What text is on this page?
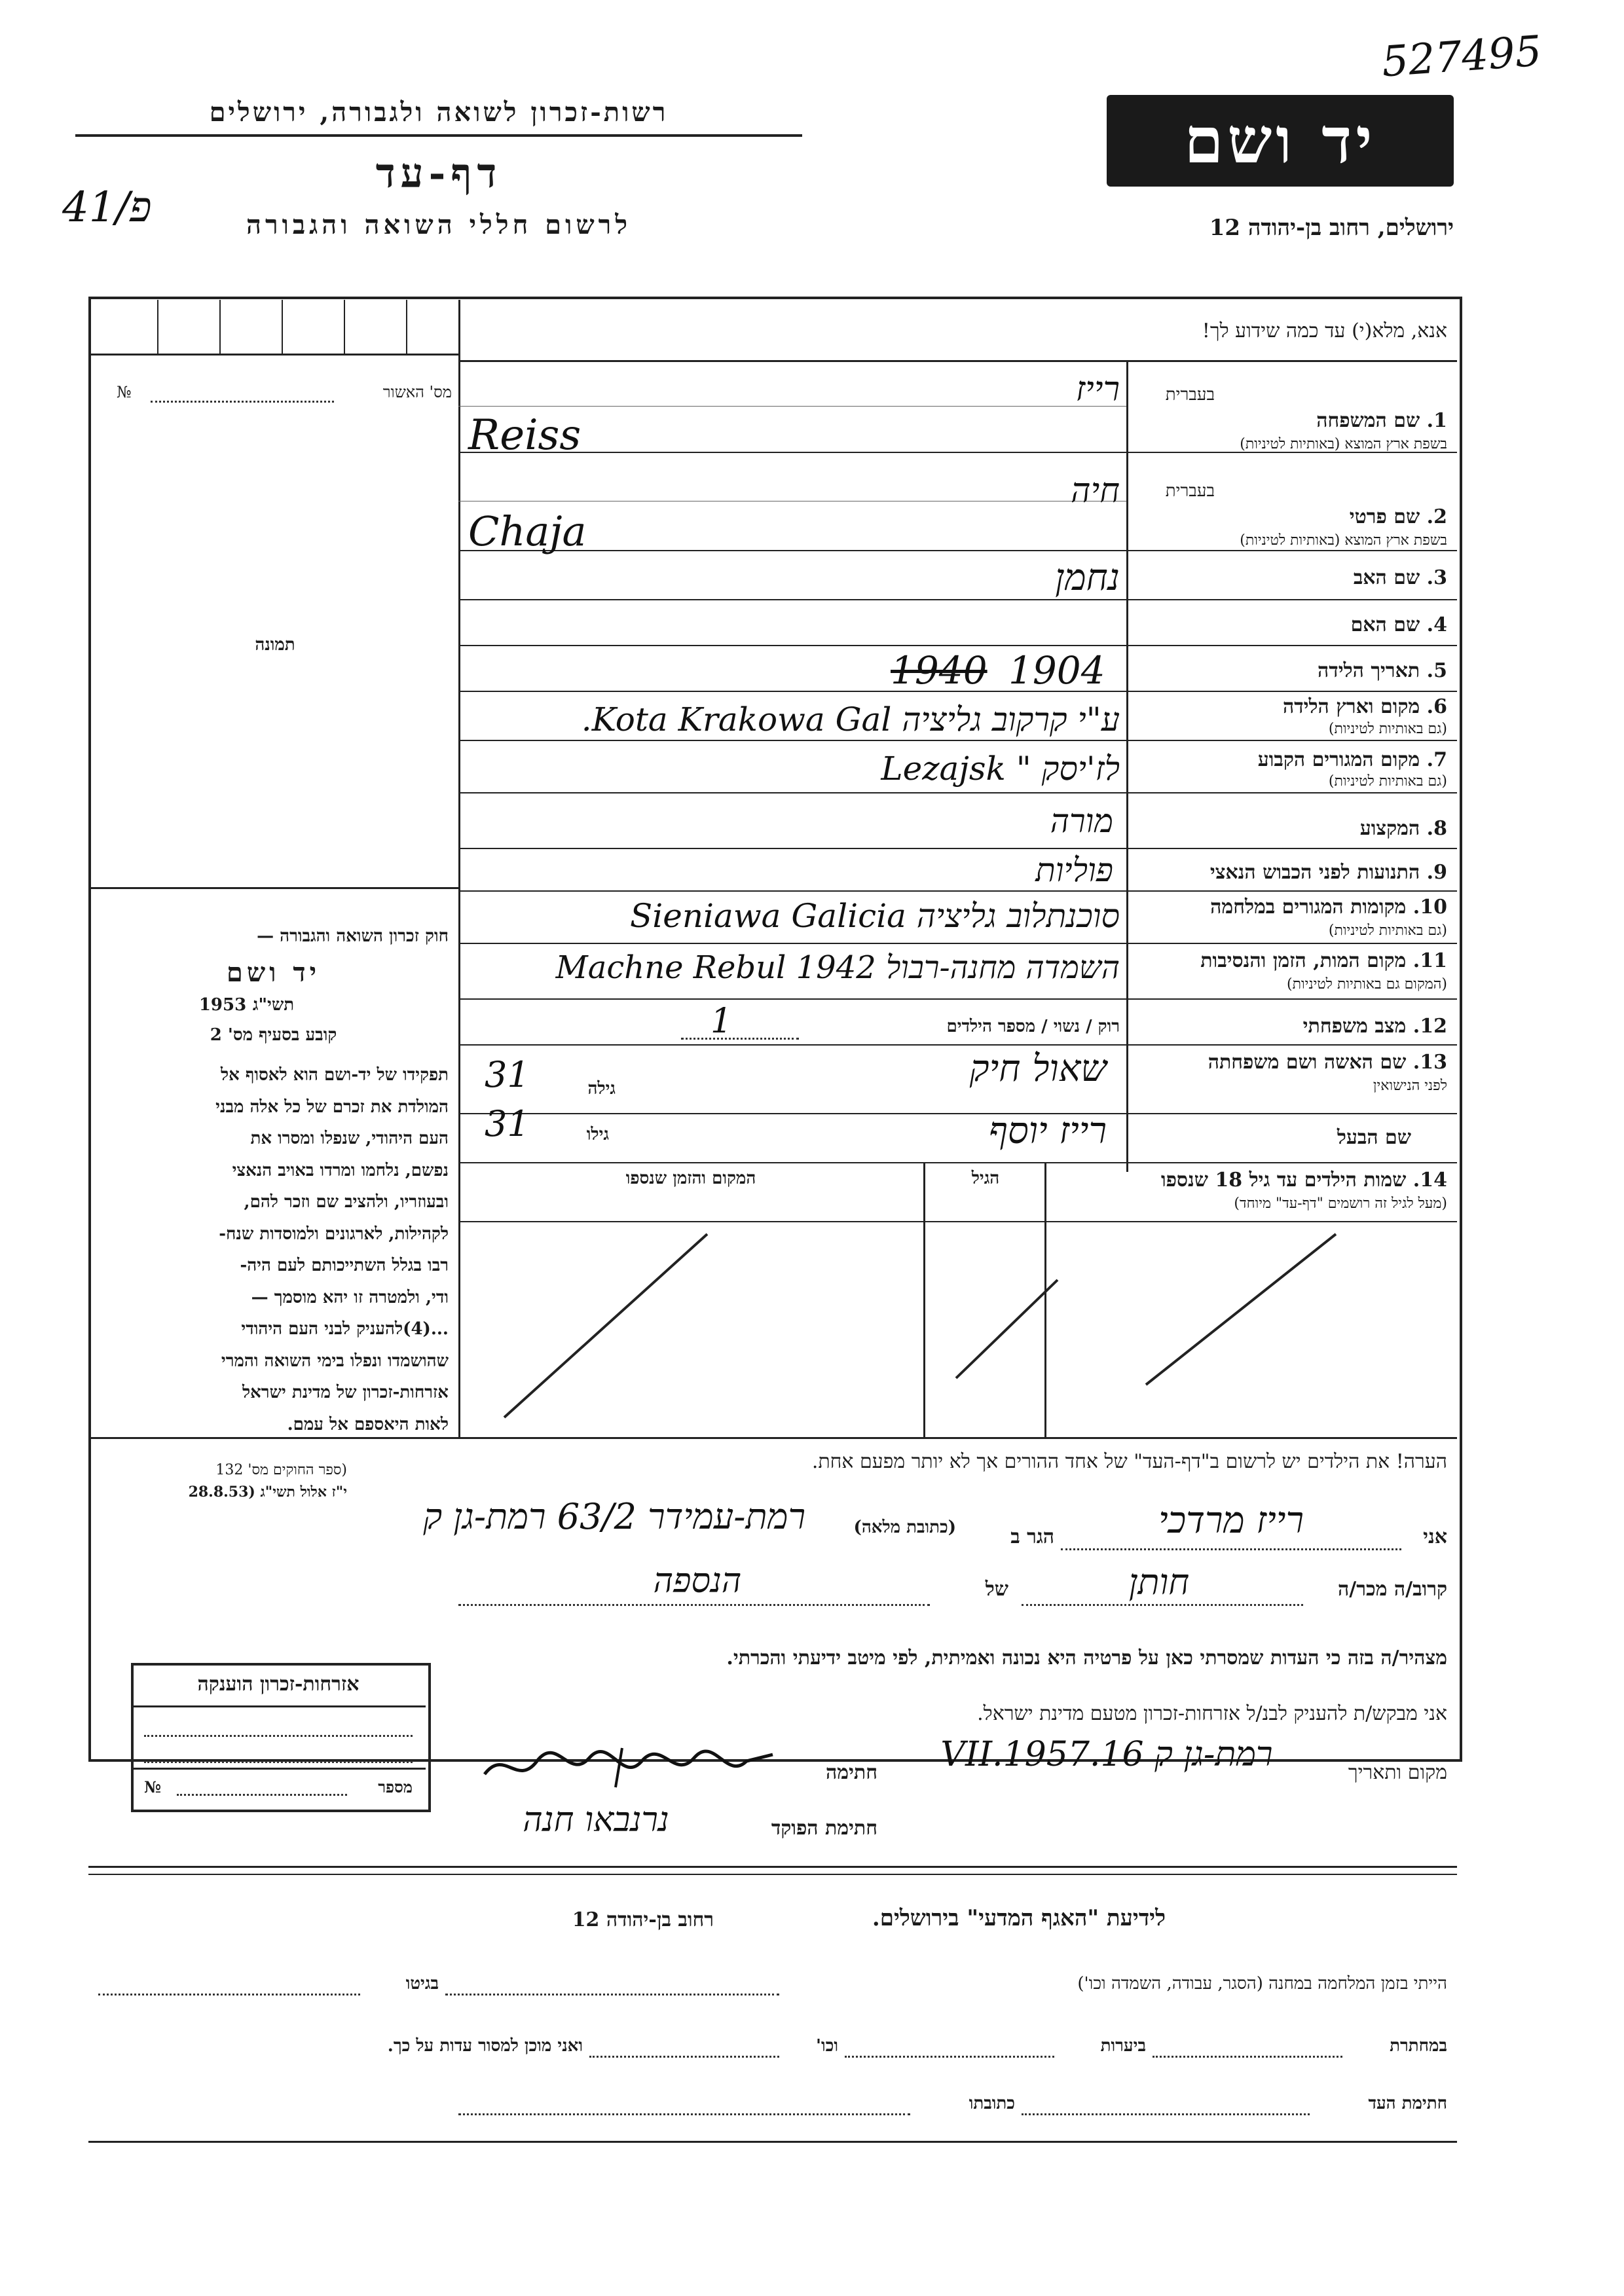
527495
רשות-זכרון לשואה ולגבורה, ירושלים
דף-עד
41/פ	לרשום חללי השואה והגבורה
יד ושם
ירושלים, רחוב בן-יהודה 12
אנא, מלא(י) עד כמה שידוע לך!
מס' האשור
№
תמונה
חוק זכרון השואה והגבורה —
יד ושם
תשי"ג
1953
קובע בסעיף מס' 2
תפקידו של יד-ושם הוא לאסוף אל
המולדת את זכרם של כל אלה מבני
העם היהודי, שנפלו ומסרו את
נפשם, נלחמו ומרדו באויב הנאצי
ובעוזריו, ולהציב שם וזכר להם,
לקהילות, לארגונים ולמוסדות שנח-
רבו בגלל השתייכותם לעם היה-
ודי, ולמטרה זו יהא מוסמך —
...(4)להעניק לבני העם היהודי
שהושמדו ונפלו בימי השואה והמרי
אזרחות-זכרון של מדינת ישראל
לאות היאספם אל עמם.
(ספר החוקים מס' 132
י"ז אלול תשי"ג (28.8.53
בעברית
1. שם המשפחה
בשפת ארץ המוצא (באותיות לטיניות)
רייז
Reiss
בעברית
2. שם פרטי
בשפת ארץ המוצא (באותיות לטיניות)
חיה
Chaja
3. שם האב
נחמן
4. שם האם
5. תאריך הלידה
1904
1940
6. מקום וארץ הלידה
(גם באותיות לטיניות)
ע"י קרקוב גליציה Kota Krakowa Gal.
7. מקום המגורים הקבוע
(גם באותיות לטיניות)
לז'יסק " Lezajsk
8. המקצוע
מורה
9. התנועות לפני הכבוש הנאצי
פוליות
10. מקומות המגורים במלחמה
(גם באותיות לטיניות)
סוכנתלוב גליציה Sieniawa Galicia
11. מקום המות, הזמן והנסיבות
(המקום גם באותיות לטיניות)
השמדה מחנה-רבול 1942 Machne Rebul
12. מצב משפחתי
רוק / נשוי / מספר הילדים
1
13. שם האשה ושם משפחתה
לפני הנישואין
שאול חיק
גילה
31
שם הבעל
רייז יוסף
גילו
31
14. שמות הילדים עד גיל 18 שנספו
(מעל לגיל זה רושמים "דף-עד" מיוחד)
הגיל
המקום והזמן שנספו
הערה! את הילדים יש לרשום ב"דף-העד" של אחד ההורים אך לא יותר מפעם אחת.
אני
רייז מרדכי
הגר ב
(כתובת מלאה)
רמת-עמידר 63/2 רמת-גן ק
קרוב/ה מכר/ה
חותן
של
הנספה
מצהיר/ה בזה כי העדות שמסרתי כאן על פרטיה היא נכונה ואמיתית, לפי מיטב ידיעתי והכרתי.
אני מבקש/ת להעניק לבנ/ל אזרחות-זכרון מטעם מדינת ישראל.
מקום ותאריך
רמת-גן ק 16.VII.1957
חתימה
חתימת הפוקד
נרנבאו חנה
אזרחות-זכרון הוענקה
מספר
№
לידיעת "האגף המדעי" בירושלים.
רחוב בן-יהודה 12
הייתי בזמן המלחמה במחנה (הסגר, עבודה, השמדה וכו')
בגיטו
במחתרת
ביערות
וכו'
ואני מוכן למסור עדות על כך.
חתימת העד
כתובתו
